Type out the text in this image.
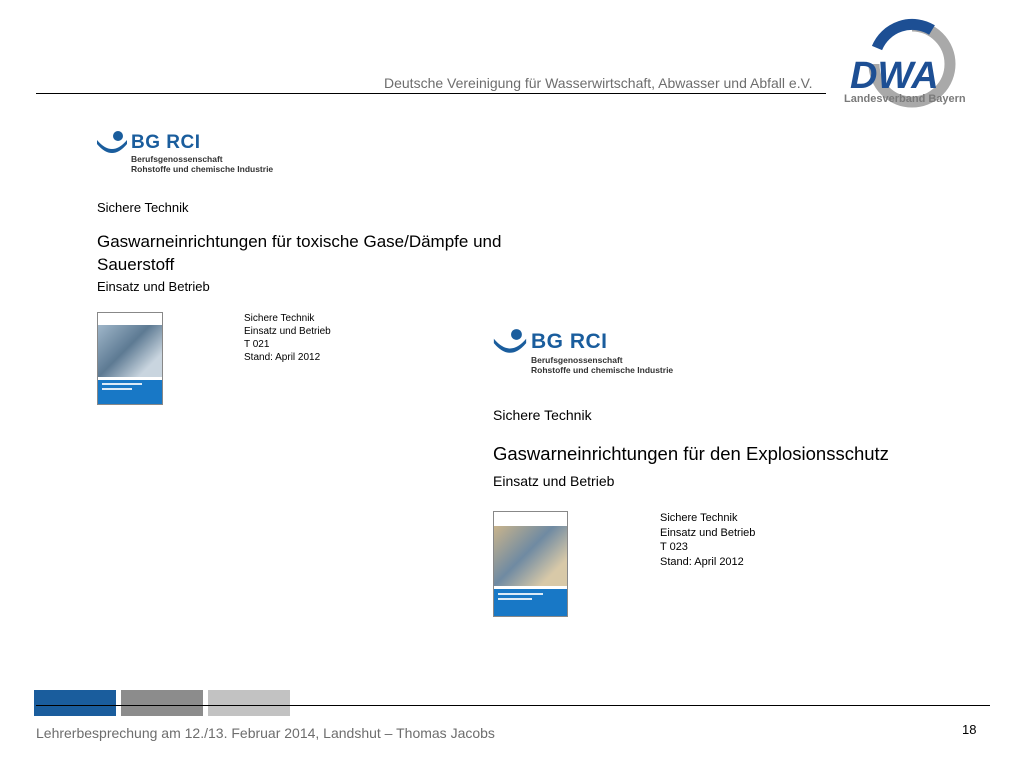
Deutsche Vereinigung für Wasserwirtschaft, Abwasser und Abfall e.V. DWA
Landesverband Bayern
BG RCI
Berufsgenossenschaft
Rohstoffe und chemische Industrie
Sichere Technik
Gaswarneinrichtungen für toxische Gase/Dämpfe und
Sauerstoff
Einsatz und Betrieb
Sichere Technik
Einsatz und Betrieb
T 021
Stand: April 2012
BG RCI
Berufsgenossenschaft
Rohstoffe und chemische Industrie
Sichere Technik
Gaswarneinrichtungen für den Explosionsschutz
Einsatz und Betrieb
Sichere Technik
Einsatz und Betrieb
T 023
Stand: April 2012
Lehrerbesprechung am 12./13. Februar 2014, Landshut – Thomas Jacobs	18
